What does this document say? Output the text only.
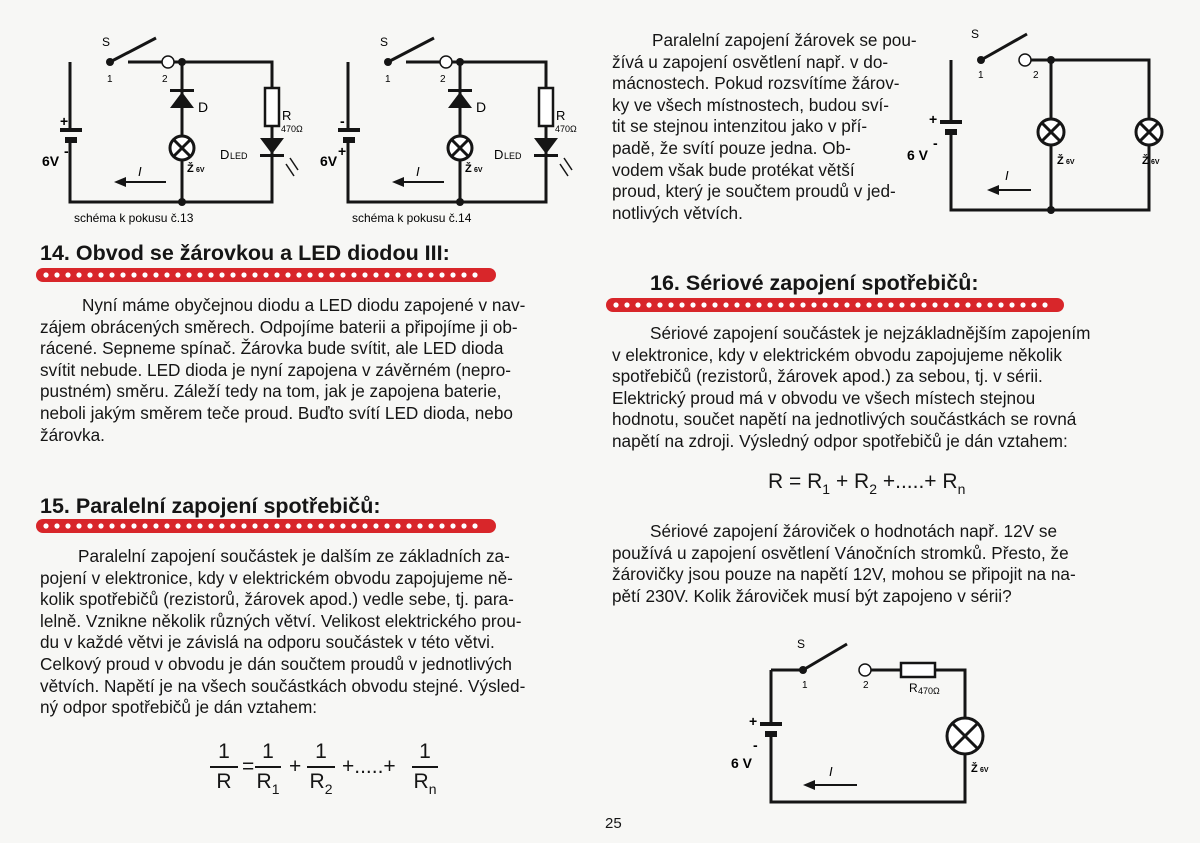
S
1	2
D
R
470Ω
D LED
Ž 6V
I
6V
+
-
schéma k pokusu č.13
S
1	2
D
R
470Ω
D LED
Ž 6V
I
6V
-
+
schéma k pokusu č.14
14. Obvod se žárovkou a LED diodou III:
Nyní máme obyčejnou diodu a LED diodu zapojené v nav-
zájem obrácených směrech. Odpojíme baterii a připojíme ji ob-
rácené. Sepneme spínač. Žárovka bude svítit, ale LED dioda
svítit nebude. LED dioda je nyní zapojena v závěrném (nepro-
pustném) směru. Záleží tedy na tom, jak je zapojena baterie,
neboli jakým směrem teče proud. Buďto svítí LED dioda, nebo
žárovka.
15. Paralelní zapojení spotřebičů:
Paralelní zapojení součástek je dalším ze základních za-
pojení v elektronice, kdy v elektrickém obvodu zapojujeme ně-
kolik spotřebičů (rezistorů, žárovek apod.) vedle sebe, tj. para-
lelně. Vznikne několik různých větví. Velikost elektrického prou-
du v každé větvi je závislá na odporu součástek v této větvi.
Celkový proud v obvodu je dán součtem proudů v jednotlivých
větvích. Napětí je na všech součástkách obvodu stejné. Výsled-
ný odpor spotřebičů je dán vztahem:
1
R
=
1
$R_1$
+
1
$R_2$
+.....+
1
$R_n$
Paralelní zapojení žárovek se pou-
žívá u zapojení osvětlení např. v do-
mácnostech. Pokud rozsvítíme žárov-
ky ve všech místnostech, budou sví-
tit se stejnou intenzitou jako v pří-
padě, že svítí pouze jedna. Ob-
vodem však bude protékat větší
proud, který je součtem proudů v jed-
notlivých větvích.
S
1	2
6 V
+
-
I
Ž 6V	Ž 6V
16. Sériové zapojení spotřebičů:
Sériové zapojení součástek je nejzákladnějším zapojením
v elektronice, kdy v elektrickém obvodu zapojujeme několik
spotřebičů (rezistorů, žárovek apod.) za sebou, tj. v sérii.
Elektrický proud má v obvodu ve všech místech stejnou
hodnotu, součet napětí na jednotlivých součástkách se rovná
napětí na zdroji. Výsledný odpor spotřebičů je dán vztahem:
$R = R_1 + R_2$ +.....+ $R_n$
Sériové zapojení žároviček o hodnotách např. 12V se
používá u zapojení osvětlení Vánočních stromků. Přesto, že
žárovičky jsou pouze na napětí 12V, mohou se připojit na na-
pětí 230V. Kolik žároviček musí být zapojeno v sérii?
S
1	2	R 470Ω
6 V
+
-
I	Ž 6V
25
